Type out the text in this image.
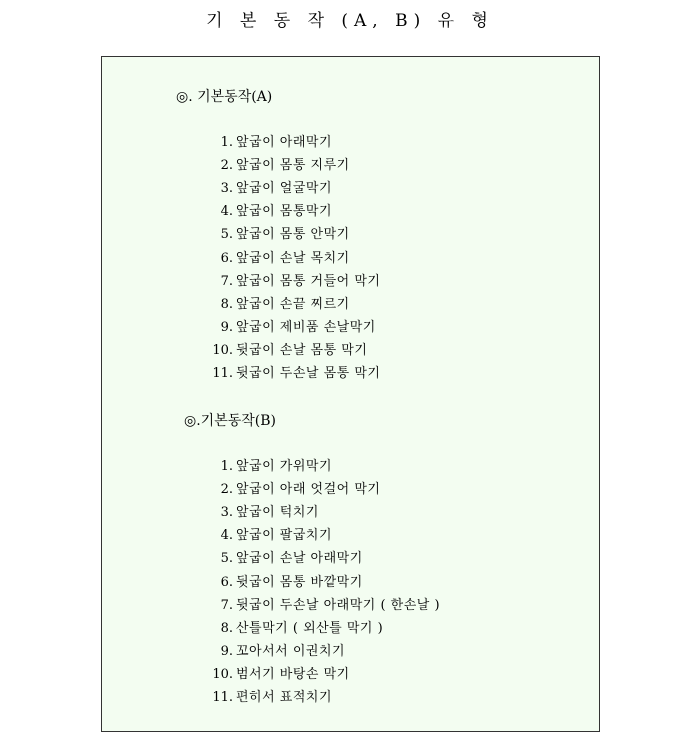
기 본 동 작 (A, B) 유 형
◎. 기본동작(A)
1. 앞굽이 아래막기
2. 앞굽이 몸통 지루기
3. 앞굽이 얼굴막기
4. 앞굽이 몸통막기
5. 앞굽이 몸통 안막기
6. 앞굽이 손날 목치기
7. 앞굽이 몸통 거들어 막기
8. 앞굽이 손끝 찌르기
9. 앞굽이 제비품 손날막기
10. 뒷굽이 손날 몸통 막기
11. 뒷굽이 두손날 몸통 막기
◎.기본동작(B)
1. 앞굽이 가위막기
2. 앞굽이 아래 엇걸어 막기
3. 앞굽이 턱치기
4. 앞굽이 팔굽치기
5. 앞굽이 손날 아래막기
6. 뒷굽이 몸통 바깥막기
7. 뒷굽이 두손날 아래막기 ( 한손날 )
8. 산틀막기 ( 외산틀 막기 )
9. 꼬아서서 이권치기
10. 범서기 바탕손 막기
11. 편히서 표적치기
